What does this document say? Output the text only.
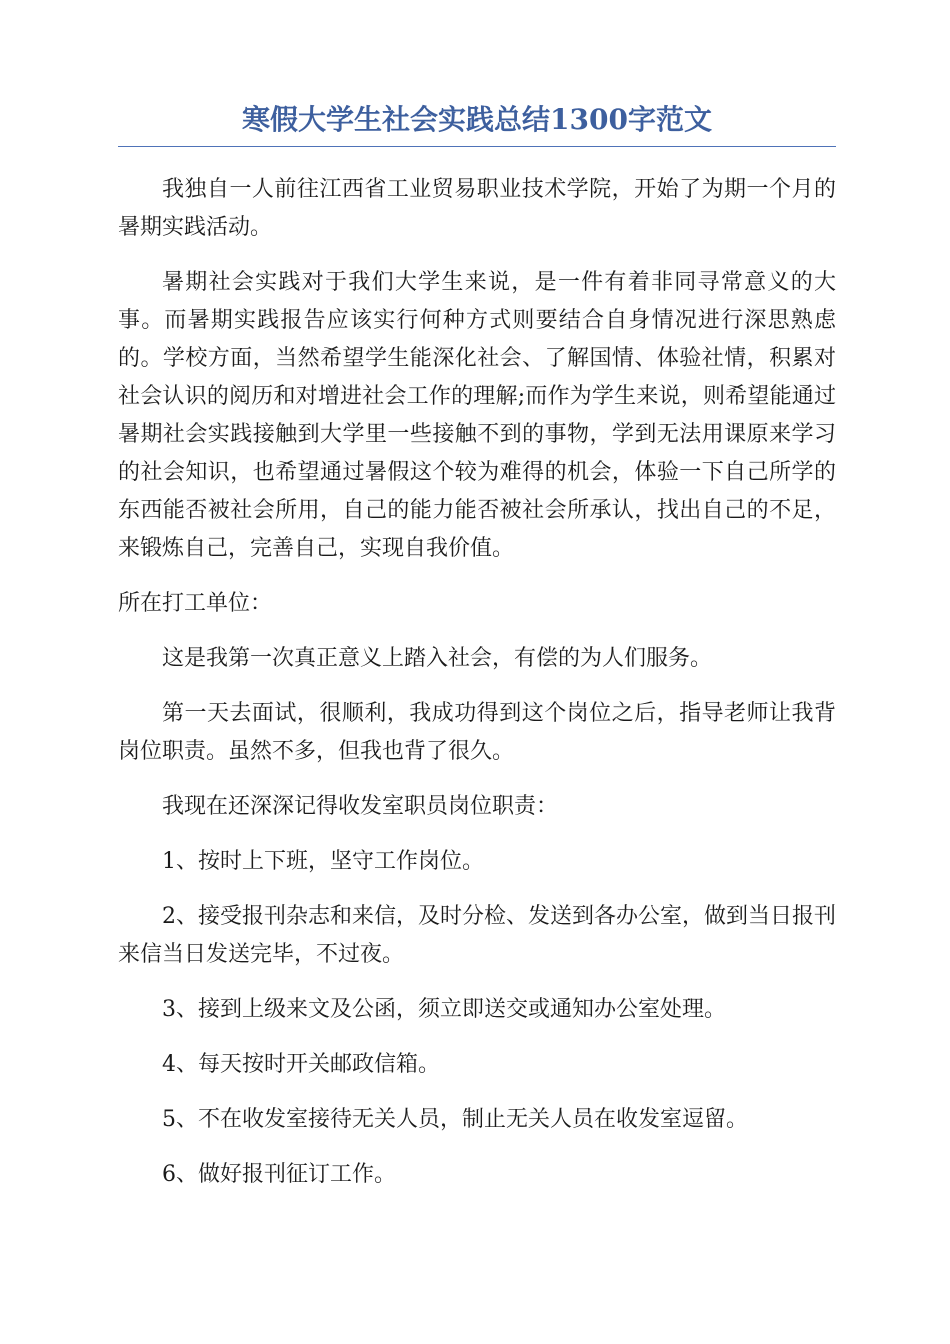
寒假大学生社会实践总结1300字范文

我独自一人前往江西省工业贸易职业技术学院，开始了为期一个月的暑期实践活动。

暑期社会实践对于我们大学生来说，是一件有着非同寻常意义的大事。而暑期实践报告应该实行何种方式则要结合自身情况进行深思熟虑的。学校方面，当然希望学生能深化社会、了解国情、体验社情，积累对社会认识的阅历和对增进社会工作的理解;而作为学生来说，则希望能通过暑期社会实践接触到大学里一些接触不到的事物，学到无法用课原来学习的社会知识，也希望通过暑假这个较为难得的机会，体验一下自己所学的东西能否被社会所用，自己的能力能否被社会所承认，找出自己的不足，来锻炼自己，完善自己，实现自我价值。

所在打工单位：

这是我第一次真正意义上踏入社会，有偿的为人们服务。

第一天去面试，很顺利，我成功得到这个岗位之后，指导老师让我背岗位职责。虽然不多，但我也背了很久。

我现在还深深记得收发室职员岗位职责：

1、按时上下班，坚守工作岗位。

2、接受报刊杂志和来信，及时分检、发送到各办公室，做到当日报刊来信当日发送完毕，不过夜。

3、接到上级来文及公函，须立即送交或通知办公室处理。

4、每天按时开关邮政信箱。

5、不在收发室接待无关人员，制止无关人员在收发室逗留。

6、做好报刊征订工作。
